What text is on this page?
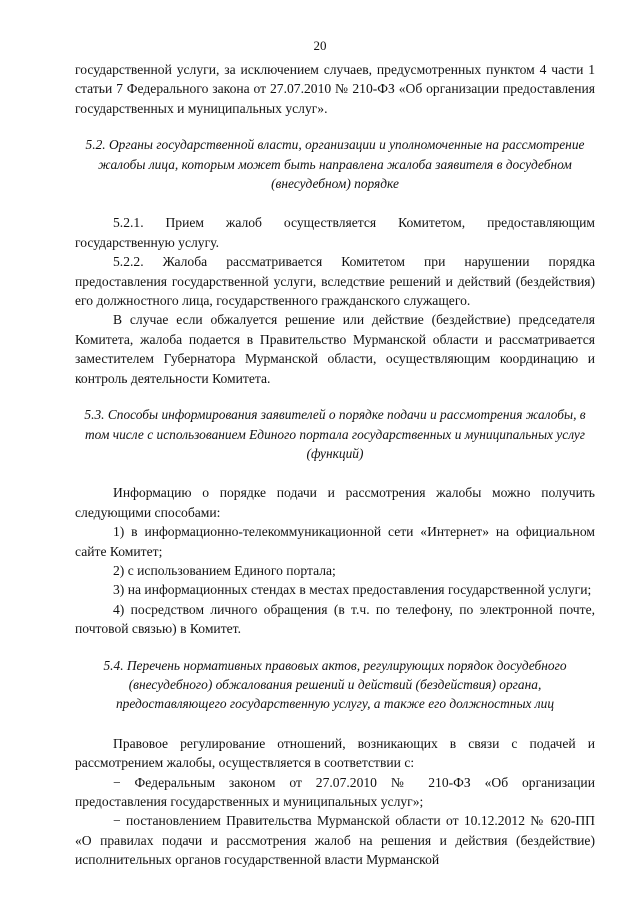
20

государственной услуги, за исключением случаев, предусмотренных пунктом 4 части 1 статьи 7 Федерального закона от 27.07.2010 № 210-ФЗ «Об организации предоставления государственных и муниципальных услуг».

5.2. Органы государственной власти, организации и уполномоченные на рассмотрение жалобы лица, которым может быть направлена жалоба заявителя в досудебном (внесудебном) порядке

5.2.1. Прием жалоб осуществляется Комитетом, предоставляющим государственную услугу.

5.2.2. Жалоба рассматривается Комитетом при нарушении порядка предоставления государственной услуги, вследствие решений и действий (бездействия) его должностного лица, государственного гражданского служащего.

В случае если обжалуется решение или действие (бездействие) председателя Комитета, жалоба подается в Правительство Мурманской области и рассматривается заместителем Губернатора Мурманской области, осуществляющим координацию и контроль деятельности Комитета.

5.3. Способы информирования заявителей о порядке подачи и рассмотрения жалобы, в том числе с использованием Единого портала государственных и муниципальных услуг (функций)

Информацию о порядке подачи и рассмотрения жалобы можно получить следующими способами:

1) в информационно-телекоммуникационной сети «Интернет» на официальном сайте Комитет;

2) с использованием Единого портала;

3) на информационных стендах в местах предоставления государственной услуги;

4) посредством личного обращения (в т.ч. по телефону, по электронной почте, почтовой связью) в Комитет.

5.4. Перечень нормативных правовых актов, регулирующих порядок досудебного (внесудебного) обжалования решений и действий (бездействия) органа, предоставляющего государственную услугу, а также его должностных лиц

Правовое регулирование отношений, возникающих в связи с подачей и рассмотрением жалобы, осуществляется в соответствии с:

− Федеральным законом от 27.07.2010 № 210-ФЗ «Об организации предоставления государственных и муниципальных услуг»;

− постановлением Правительства Мурманской области от 10.12.2012 № 620-ПП «О правилах подачи и рассмотрения жалоб на решения и действия (бездействие) исполнительных органов государственной власти Мурманской
